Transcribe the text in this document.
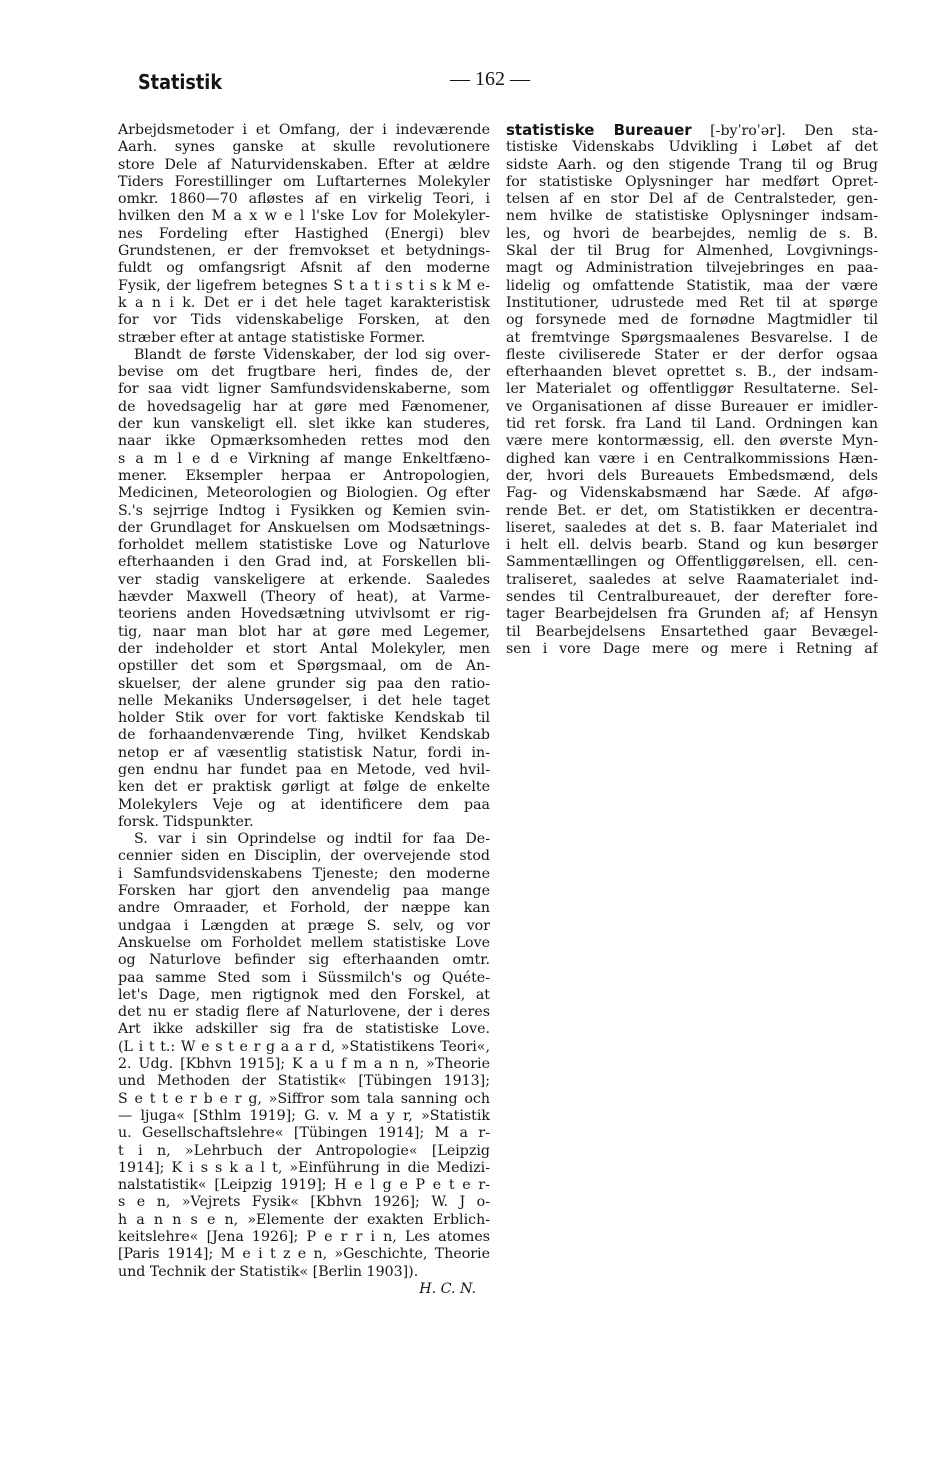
Statistik	— 162 —
Arbejdsmetoder i et Omfang, der i indeværende
Aarh. synes ganske at skulle revolutionere
store Dele af Naturvidenskaben. Efter at ældre
Tiders Forestillinger om Luftarternes Molekyler
omkr. 1860—70 afløstes af en virkelig Teori, i
hvilken den M a x w e l l'ske Lov for Molekyler-
nes Fordeling efter Hastighed (Energi) blev
Grundstenen, er der fremvokset et betydnings-
fuldt og omfangsrigt Afsnit af den moderne
Fysik, der ligefrem betegnes S t a t i s t i s k M e-
k a n i k. Det er i det hele taget karakteristisk
for vor Tids videnskabelige Forsken, at den
stræber efter at antage statistiske Former.
Blandt de første Videnskaber, der lod sig over-
bevise om det frugtbare heri, findes de, der
for saa vidt ligner Samfundsvidenskaberne, som
de hovedsagelig har at gøre med Fænomener,
der kun vanskeligt ell. slet ikke kan studeres,
naar ikke Opmærksomheden rettes mod den
s a m l e d e Virkning af mange Enkeltfæno-
mener. Eksempler herpaa er Antropologien,
Medicinen, Meteorologien og Biologien. Og efter
S.'s sejrrige Indtog i Fysikken og Kemien svin-
der Grundlaget for Anskuelsen om Modsætnings-
forholdet mellem statistiske Love og Naturlove
efterhaanden i den Grad ind, at Forskellen bli-
ver stadig vanskeligere at erkende. Saaledes
hævder Maxwell (Theory of heat), at Varme-
teoriens anden Hovedsætning utvivlsomt er rig-
tig, naar man blot har at gøre med Legemer,
der indeholder et stort Antal Molekyler, men
opstiller det som et Spørgsmaal, om de An-
skuelser, der alene grunder sig paa den ratio-
nelle Mekaniks Undersøgelser, i det hele taget
holder Stik over for vort faktiske Kendskab til
de forhaandenværende Ting, hvilket Kendskab
netop er af væsentlig statistisk Natur, fordi in-
gen endnu har fundet paa en Metode, ved hvil-
ken det er praktisk gørligt at følge de enkelte
Molekylers Veje og at identificere dem paa
forsk. Tidspunkter.
S. var i sin Oprindelse og indtil for faa De-
cennier siden en Disciplin, der overvejende stod
i Samfundsvidenskabens Tjeneste; den moderne
Forsken har gjort den anvendelig paa mange
andre Omraader, et Forhold, der næppe kan
undgaa i Længden at præge S. selv, og vor
Anskuelse om Forholdet mellem statistiske Love
og Naturlove befinder sig efterhaanden omtr.
paa samme Sted som i Süssmilch's og Quéte-
let's Dage, men rigtignok med den Forskel, at
det nu er stadig flere af Naturlovene, der i deres
Art ikke adskiller sig fra de statistiske Love.
(L i t t.: W e s t e r g a a r d, »Statistikens Teori«,
2. Udg. [Kbhvn 1915]; K a u f m a n n, »Theorie
und Methoden der Statistik« [Tübingen 1913];
S e t t e r b e r g, »Siffror som tala sanning och
— ljuga« [Sthlm 1919]; G. v. M a y r, »Statistik
u. Gesellschaftslehre« [Tübingen 1914]; M a r-
t i n, »Lehrbuch der Antropologie« [Leipzig
1914]; K i s s k a l t, »Einführung in die Medizi-
nalstatistik« [Leipzig 1919]; H e l g e P e t e r-
s e n, »Vejrets Fysik« [Kbhvn 1926]; W. J o-
h a n n s e n, »Elemente der exakten Erblich-
keitslehre« [Jena 1926]; P e r r i n, Les atomes
[Paris 1914]; M e i t z e n, »Geschichte, Theorie
und Technik der Statistik« [Berlin 1903]).
H. C. N.
statistiske Bureauer [-byˈroˈər]. Den sta-
tistiske Videnskabs Udvikling i Løbet af det
sidste Aarh. og den stigende Trang til og Brug
for statistiske Oplysninger har medført Opret-
telsen af en stor Del af de Centralsteder, gen-
nem hvilke de statistiske Oplysninger indsam-
les, og hvori de bearbejdes, nemlig de s. B.
Skal der til Brug for Almenhed, Lovgivnings-
magt og Administration tilvejebringes en paa-
lidelig og omfattende Statistik, maa der være
Institutioner, udrustede med Ret til at spørge
og forsynede med de fornødne Magtmidler til
at fremtvinge Spørgsmaalenes Besvarelse. I de
fleste civiliserede Stater er der derfor ogsaa
efterhaanden blevet oprettet s. B., der indsam-
ler Materialet og offentliggør Resultaterne. Sel-
ve Organisationen af disse Bureauer er imidler-
tid ret forsk. fra Land til Land. Ordningen kan
være mere kontormæssig, ell. den øverste Myn-
dighed kan være i en Centralkommissions Hæn-
der, hvori dels Bureauets Embedsmænd, dels
Fag- og Videnskabsmænd har Sæde. Af afgø-
rende Bet. er det, om Statistikken er decentra-
liseret, saaledes at det s. B. faar Materialet ind
i helt ell. delvis bearb. Stand og kun besørger
Sammentællingen og Offentliggørelsen, ell. cen-
traliseret, saaledes at selve Raamaterialet ind-
sendes til Centralbureauet, der derefter fore-
tager Bearbejdelsen fra Grunden af; af Hensyn
til Bearbejdelsens Ensartethed gaar Bevægel-
sen i vore Dage mere og mere i Retning af
